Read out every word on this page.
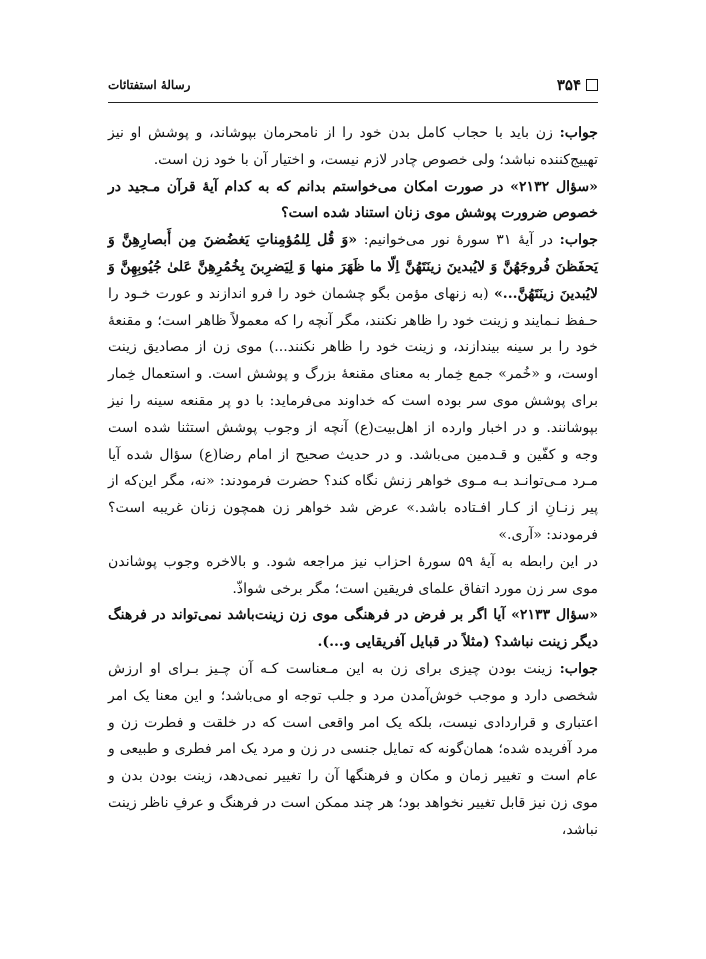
۳۵۴
رسالهٔ استفتائات

جواب: زن باید با حجاب کامل بدن خود را از نامحرمان بپوشاند، و پوشش او نیز تهییج‌کننده نباشد؛ ولی خصوص چادر لازم نیست، و اختیار آن با خود زن است.

«سؤال ۲۱۳۲» در صورت امکان می‌خواستم بدانم که به کدام آیهٔ قرآن مـجید در خصوص ضرورت پوشش موی زنان استناد شده است؟

جواب: در آیهٔ ۳۱ سورهٔ نور می‌خوانیم: «وَ قُل لِلمُؤمِناتِ یَغضُضنَ مِن أَبصارِهِنَّ وَ یَحفَظنَ فُروجَهُنَّ وَ لایُبدینَ زینَتَهُنَّ اِلّا ما ظَهَرَ منها وَ لِیَضرِبنَ بِخُمُرِهِنَّ عَلیٰ جُیُوبِهِنَّ وَ لایُبدینَ زینَتَهُنَّ...» (به زنهای مؤمن بگو چشمان خود را فرو اندازند و عورت خـود را حـفظ نـمایند و زینت خود را ظاهر نکنند، مگر آنچه را که معمولاً ظاهر است؛ و مقنعهٔ خود را بر سینه بیندازند، و زینت خود را ظاهر نکنند...) موی زن از مصادیق زینت اوست، و «خُمر» جمع خِمار به معنای مقنعهٔ بزرگ و پوشش است. و استعمال خِمار برای پوشش موی سر بوده است که خداوند می‌فرماید: با دو پر مقنعه سینه را نیز بپوشانند. و در اخبار وارده از اهل‌بیت(ع) آنچه از وجوب پوشش استثنا شده است وجه و کفّین و قـدمین می‌باشد. و در حدیث صحیح از امام رضا(ع) سؤال شده آیا مـرد مـی‌توانـد بـه مـوی خواهر زنش نگاه کند؟ حضرت فرمودند: «نه، مگر این‌که از پیر زنـانِ از کـار افـتاده باشد.» عرض شد خواهر زن همچون زنان غریبه است؟ فرمودند: «آری.»

در این رابطه به آیهٔ ۵۹ سورهٔ احزاب نیز مراجعه شود. و بالاخره وجوب پوشاندن موی سر زن مورد اتفاق علمای فریقین است؛ مگر برخی شواذّ.

«سؤال ۲۱۳۳» آیا اگر بر فرض در فرهنگی موی زن زینت‌باشد نمی‌تواند در فرهنگ دیگر زینت نباشد؟ (مثلاً در قبایل آفریقایی و...).

جواب: زینت بودن چیزی برای زن به این مـعناست کـه آن چـیز بـرای او ارزش شخصی دارد و موجب خوش‌آمدن مرد و جلب توجه او می‌باشد؛ و این معنا یک امر اعتباری و قراردادی نیست، بلکه یک امر واقعی است که در خلقت و فطرت زن و مرد آفریده شده؛ همان‌گونه که تمایل جنسی در زن و مرد یک امر فطری و طبیعی و عام است و تغییر زمان و مکان و فرهنگها آن را تغییر نمی‌دهد، زینت بودن بدن و موی زن نیز قابل تغییر نخواهد بود؛ هر چند ممکن است در فرهنگ و عرفِ ناظر زینت نباشد،
